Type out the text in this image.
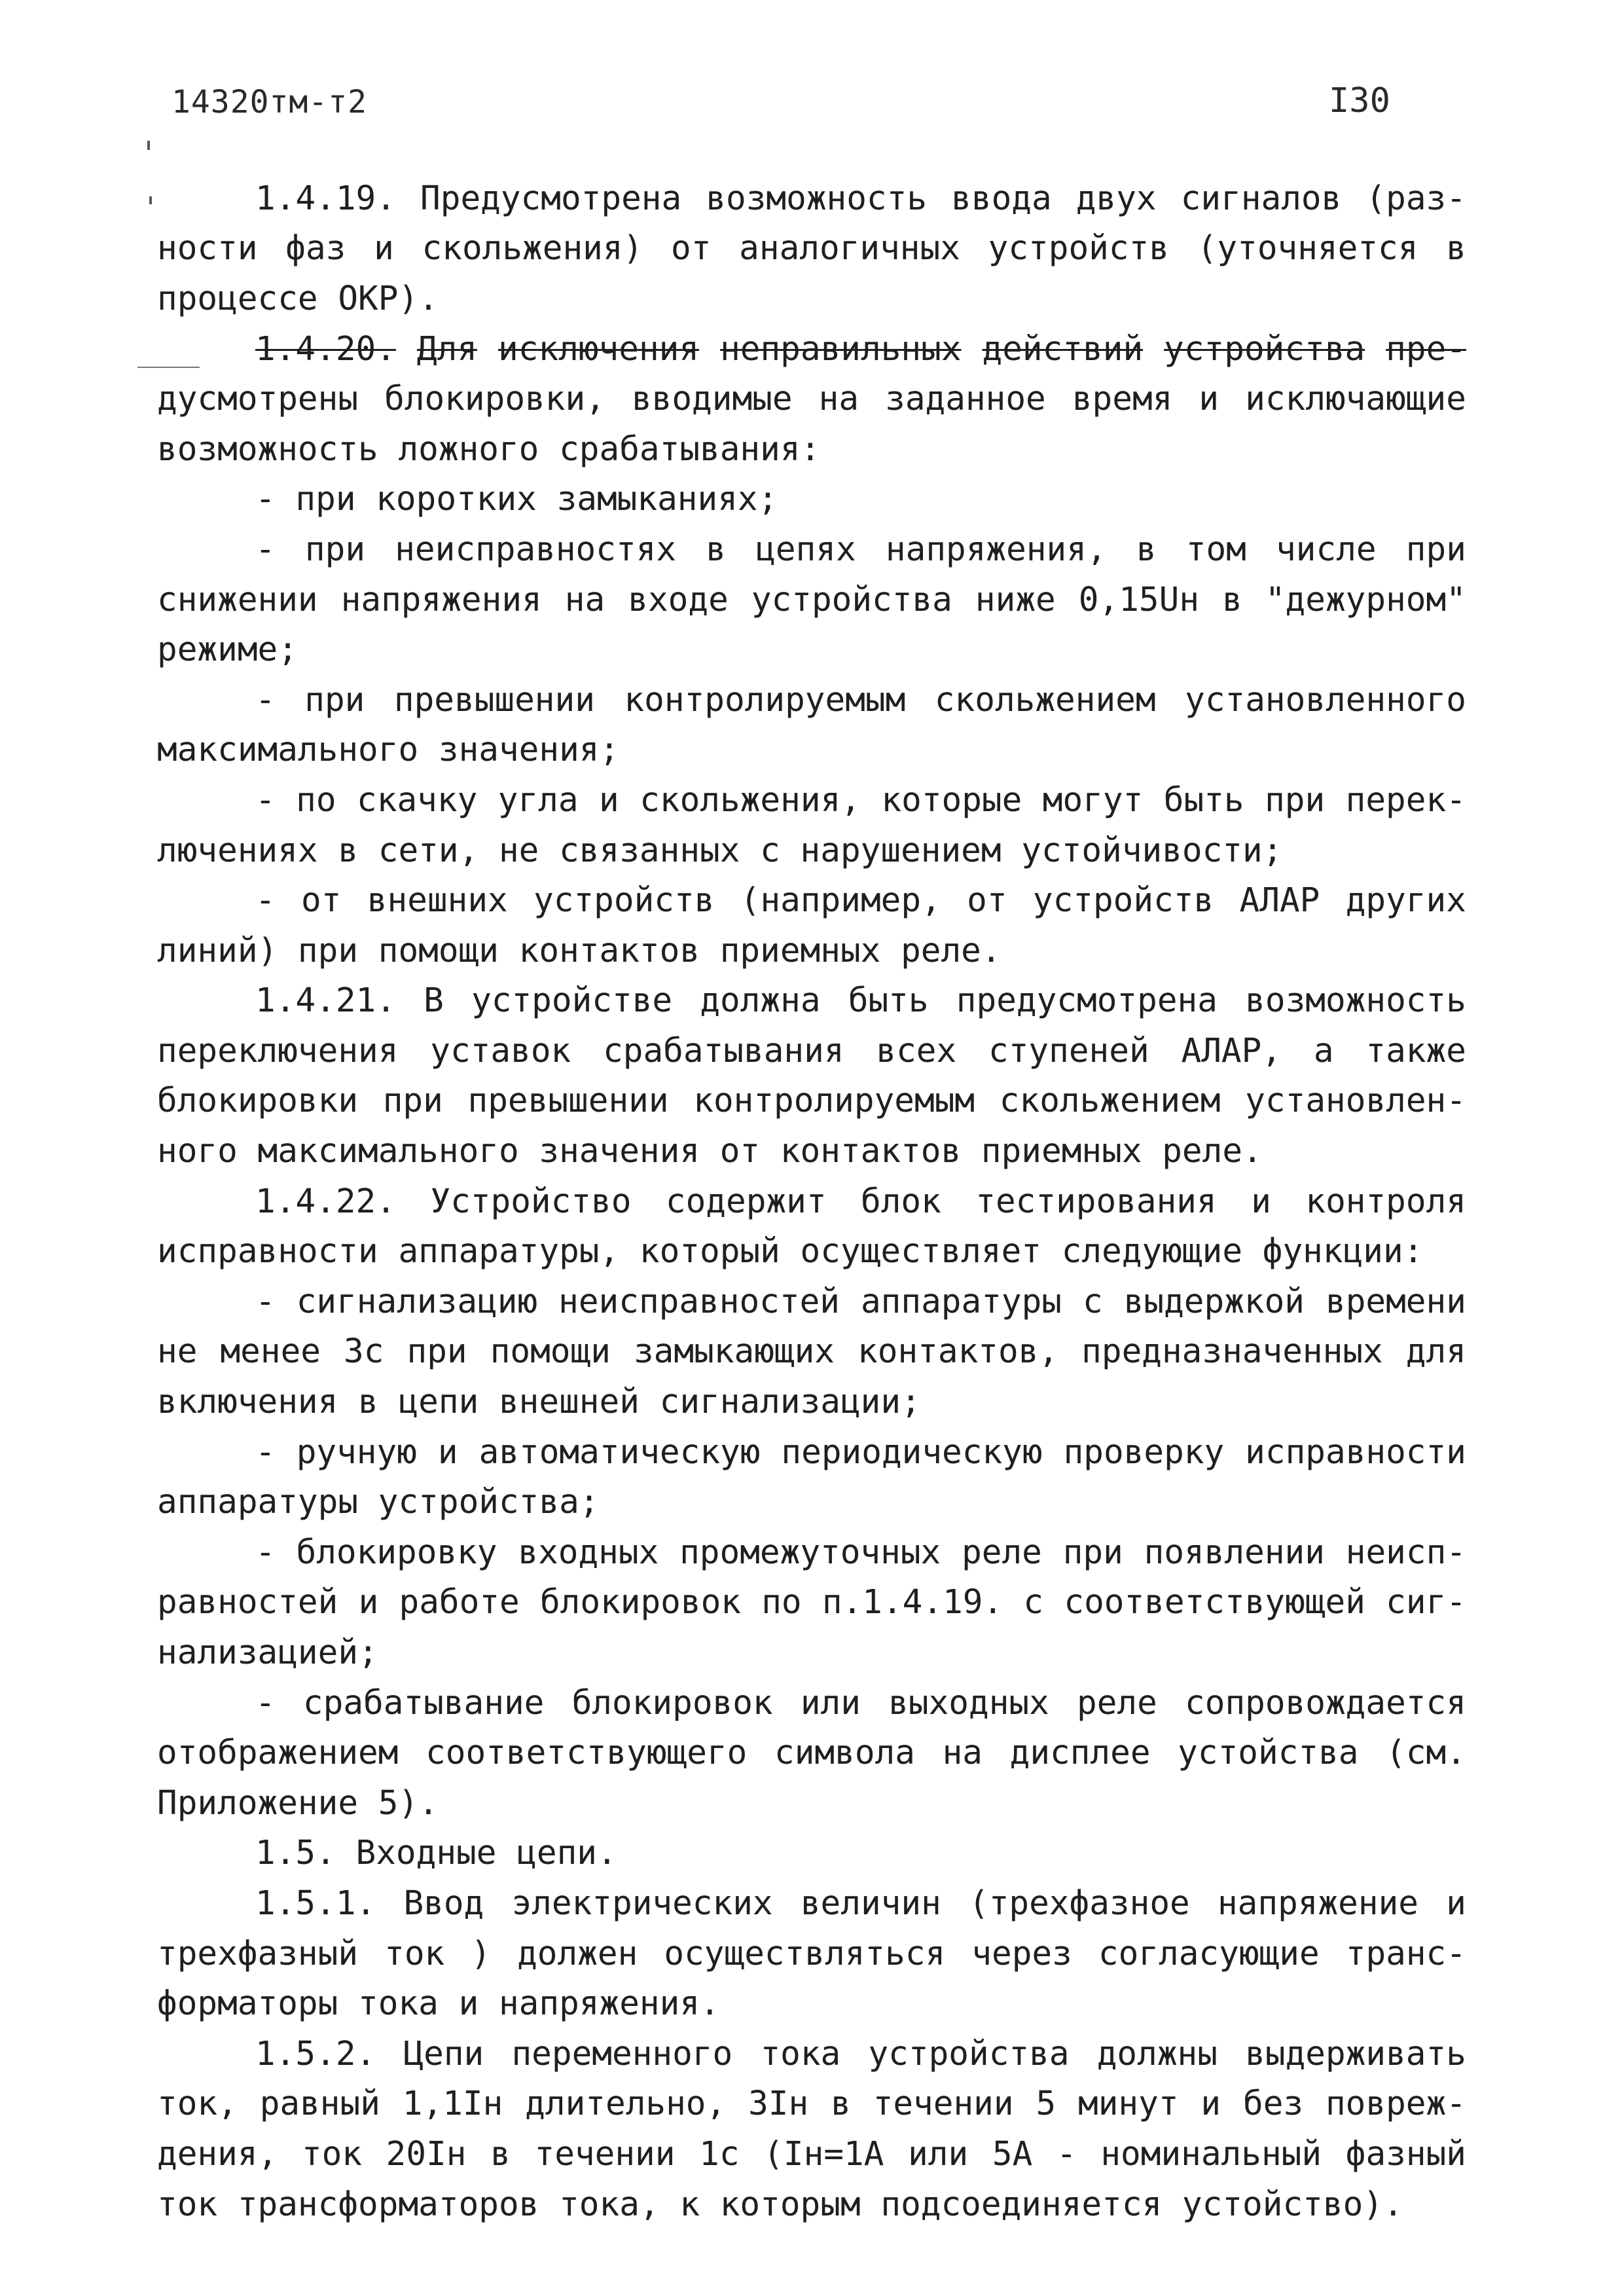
14320тм-т2	I30
1.4.19. Предусмотрена возможность ввода двух сигналов (раз-
ности фаз и скольжения) от аналогичных устройств (уточняется в
процессе ОКР).
1.4.20. Для исключения неправильных действий устройства пре-
дусмотрены блокировки, вводимые на заданное время и исключающие
возможность ложного срабатывания:
- при коротких замыканиях;
- при неисправностях в цепях напряжения, в том числе при
снижении напряжения на входе устройства ниже 0,15Uн в "дежурном"
режиме;
- при превышении контролируемым скольжением установленного
максимального значения;
- по скачку угла и скольжения, которые могут быть при перек-
лючениях в сети, не связанных с нарушением устойчивости;
- от внешних устройств (например, от устройств АЛАР других
линий) при помощи контактов приемных реле.
1.4.21. В устройстве должна быть предусмотрена возможность
переключения уставок срабатывания всех ступеней АЛАР, а также
блокировки при превышении контролируемым скольжением установлен-
ного максимального значения от контактов приемных реле.
1.4.22. Устройство содержит блок тестирования и контроля
исправности аппаратуры, который осуществляет следующие функции:
- сигнализацию неисправностей аппаратуры с выдержкой времени
не менее 3с при помощи замыкающих контактов, предназначенных для
включения в цепи внешней сигнализации;
- ручную и автоматическую периодическую проверку исправности
аппаратуры устройства;
- блокировку входных промежуточных реле при появлении неисп-
равностей и работе блокировок по п.1.4.19. с соответствующей сиг-
нализацией;
- срабатывание блокировок или выходных реле сопровождается
отображением соответствующего символа на дисплее устойства (см.
Приложение 5).
1.5. Входные цепи.
1.5.1. Ввод электрических величин (трехфазное напряжение и
трехфазный ток ) должен осуществляться через согласующие транс-
форматоры тока и напряжения.
1.5.2. Цепи переменного тока устройства должны выдерживать
ток, равный 1,1Iн длительно, 3Iн в течении 5 минут и без повреж-
дения, ток 20Iн в течении 1с (Iн=1А или 5А - номинальный фазный
ток трансформаторов тока, к которым подсоединяется устойство).
